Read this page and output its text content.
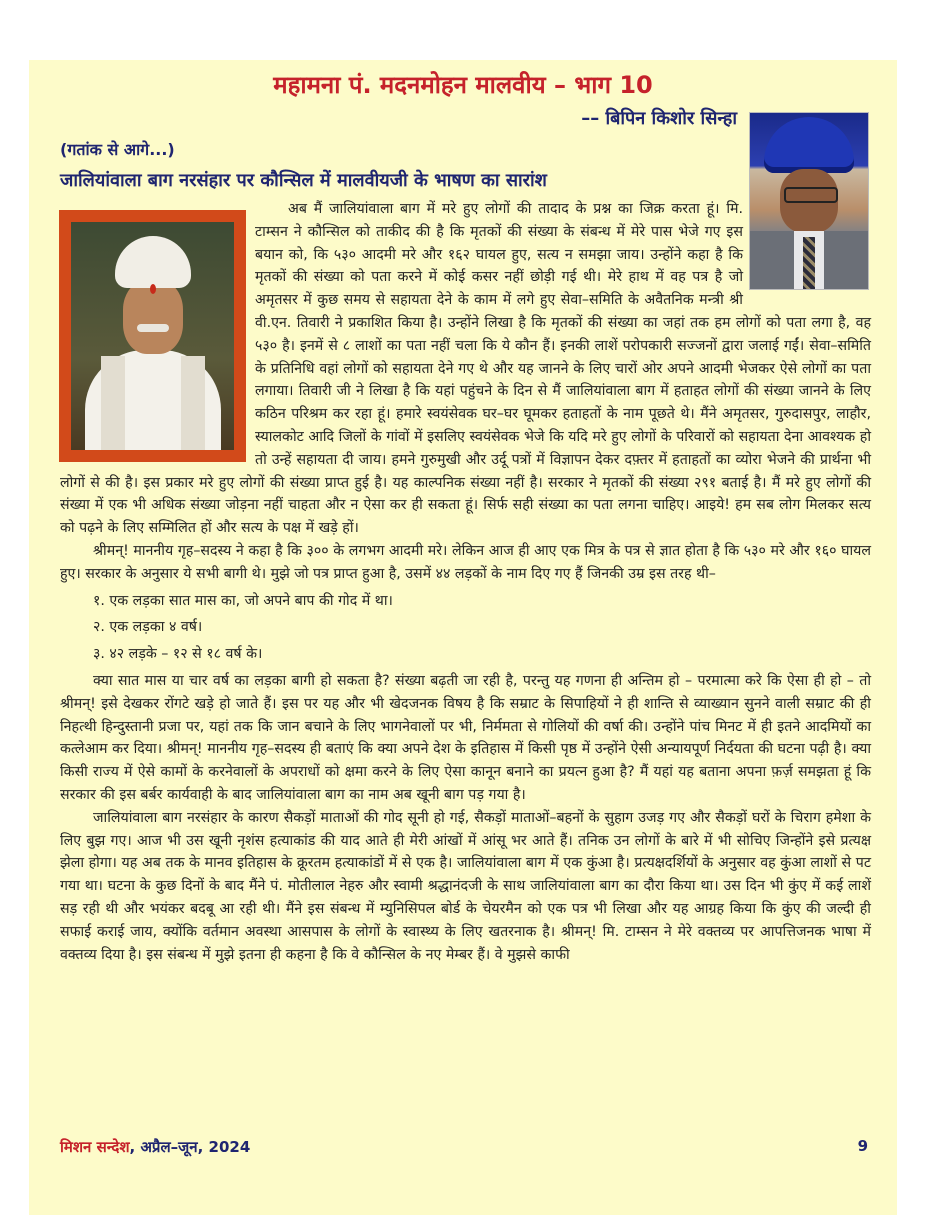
महामना पं. मदनमोहन मालवीय – भाग 10
–– बिपिन किशोर सिन्हा
(गतांक से आगे...)
जालियांवाला बाग नरसंहार पर कौन्सिल में मालवीयजी के भाषण का सारांश

अब मैं जालियांवाला बाग में मरे हुए लोगों की तादाद के प्रश्न का जिक्र करता हूं। मि. टाम्सन ने कौन्सिल को ताकीद की है कि मृतकों की संख्या के संबन्ध में मेरे पास भेजे गए इस बयान को, कि ५३० आदमी मरे और १६२ घायल हुए, सत्य न समझा जाय। उन्होंने कहा है कि मृतकों की संख्या को पता करने में कोई कसर नहीं छोड़ी गई थी। मेरे हाथ में वह पत्र है जो अमृतसर में कुछ समय से सहायता देने के काम में लगे हुए सेवा–समिति के अवैतनिक मन्त्री श्री वी.एन. तिवारी ने प्रकाशित किया है। उन्होंने लिखा है कि मृतकों की संख्या का जहां तक हम लोगों को पता लगा है, वह ५३० है। इनमें से ८ लाशों का पता नहीं चला कि ये कौन हैं। इनकी लाशें परोपकारी सज्जनों द्वारा जलाई गईं। सेवा–समिति के प्रतिनिधि वहां लोगों को सहायता देने गए थे और यह जानने के लिए चारों ओर अपने आदमी भेजकर ऐसे लोगों का पता लगाया। तिवारी जी ने लिखा है कि यहां पहुंचने के दिन से मैं जालियांवाला बाग में हताहत लोगों की संख्या जानने के लिए कठिन परिश्रम कर रहा हूं। हमारे स्वयंसेवक घर–घर घूमकर हताहतों के नाम पूछते थे। मैंने अमृतसर, गुरुदासपुर, लाहौर, स्यालकोट आदि जिलों के गांवों में इसलिए स्वयंसेवक भेजे कि यदि मरे हुए लोगों के परिवारों को सहायता देना आवश्यक हो तो उन्हें सहायता दी जाय। हमने गुरुमुखी और उर्दू पत्रों में विज्ञापन देकर दफ़्तर में हताहतों का व्योरा भेजने की प्रार्थना भी लोगों से की है। इस प्रकार मरे हुए लोगों की संख्या प्राप्त हुई है। यह काल्पनिक संख्या नहीं है। सरकार ने मृतकों की संख्या २९१ बताई है। मैं मरे हुए लोगों की संख्या में एक भी अधिक संख्या जोड़ना नहीं चाहता और न ऐसा कर ही सकता हूं। सिर्फ सही संख्या का पता लगना चाहिए। आइये! हम सब लोग मिलकर सत्य को पढ़ने के लिए सम्मिलित हों और सत्य के पक्ष में खड़े हों।

श्रीमन्! माननीय गृह–सदस्य ने कहा है कि ३०० के लगभग आदमी मरे। लेकिन आज ही आए एक मित्र के पत्र से ज्ञात होता है कि ५३० मरे और १६० घायल हुए। सरकार के अनुसार ये सभी बागी थे। मुझे जो पत्र प्राप्त हुआ है, उसमें ४४ लड़कों के नाम दिए गए हैं जिनकी उम्र इस तरह थी–

१. एक लड़का सात मास का, जो अपने बाप की गोद में था।
२. एक लड़का ४ वर्ष।
३. ४२ लड़के – १२ से १८ वर्ष के।

क्या सात मास या चार वर्ष का लड़का बागी हो सकता है? संख्या बढ़ती जा रही है, परन्तु यह गणना ही अन्तिम हो – परमात्मा करे कि ऐसा ही हो – तो श्रीमन्! इसे देखकर रोंगटे खड़े हो जाते हैं। इस पर यह और भी खेदजनक विषय है कि सम्राट के सिपाहियों ने ही शान्ति से व्याख्यान सुनने वाली सम्राट की ही निहत्थी हिन्दुस्तानी प्रजा पर, यहां तक कि जान बचाने के लिए भागनेवालों पर भी, निर्ममता से गोलियों की वर्षा की। उन्होंने पांच मिनट में ही इतने आदमियों का कत्लेआम कर दिया। श्रीमन्! माननीय गृह–सदस्य ही बताएं कि क्या अपने देश के इतिहास में किसी पृष्ठ में उन्होंने ऐसी अन्यायपूर्ण निर्दयता की घटना पढ़ी है। क्या किसी राज्य में ऐसे कामों के करनेवालों के अपराधों को क्षमा करने के लिए ऐसा कानून बनाने का प्रयत्न हुआ है? मैं यहां यह बताना अपना फ़र्ज़ समझता हूं कि सरकार की इस बर्बर कार्यवाही के बाद जालियांवाला बाग का नाम अब खूनी बाग पड़ गया है।

जालियांवाला बाग नरसंहार के कारण सैकड़ों माताओं की गोद सूनी हो गई, सैकड़ों माताओं–बहनों के सुहाग उजड़ गए और सैकड़ों घरों के चिराग हमेशा के लिए बुझ गए। आज भी उस खूनी नृशंस हत्याकांड की याद आते ही मेरी आंखों में आंसू भर आते हैं। तनिक उन लोगों के बारे में भी सोचिए जिन्होंने इसे प्रत्यक्ष झेला होगा। यह अब तक के मानव इतिहास के क्रूरतम हत्याकांडों में से एक है। जालियांवाला बाग में एक कुंआ है। प्रत्यक्षदर्शियों के अनुसार वह कुंआ लाशों से पट गया था। घटना के कुछ दिनों के बाद मैंने पं. मोतीलाल नेहरु और स्वामी श्रद्धानंदजी के साथ जालियांवाला बाग का दौरा किया था। उस दिन भी कुंए में कई लाशें सड़ रही थी और भयंकर बदबू आ रही थी। मैंने इस संबन्ध में म्युनिसिपल बोर्ड के चेयरमैन को एक पत्र भी लिखा और यह आग्रह किया कि कुंए की जल्दी ही सफाई कराई जाय, क्योंकि वर्तमान अवस्था आसपास के लोगों के स्वास्थ्य के लिए खतरनाक है। श्रीमन्! मि. टाम्सन ने मेरे वक्तव्य पर आपत्तिजनक भाषा में वक्तव्य दिया है। इस संबन्ध में मुझे इतना ही कहना है कि वे कौन्सिल के नए मेम्बर हैं। वे मुझसे काफी

मिशन सन्देश, अप्रैल–जून, 2024	9
